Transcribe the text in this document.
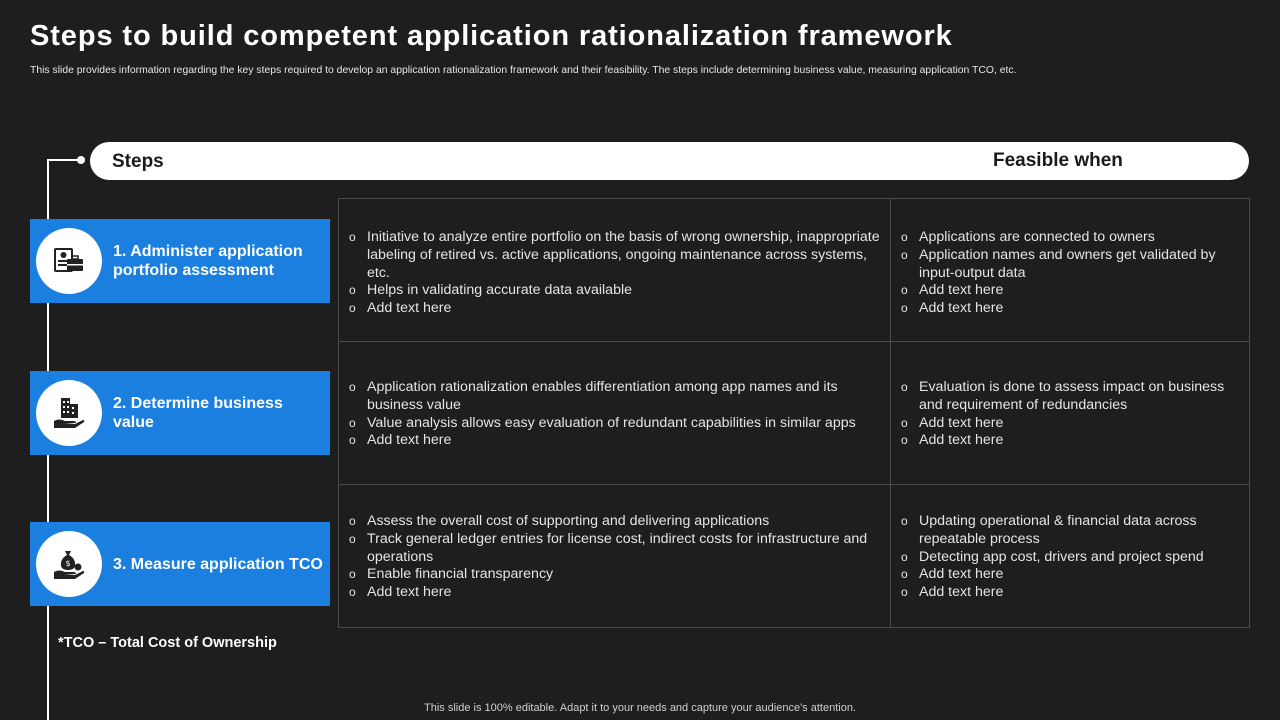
Steps to build competent application rationalization framework
This slide provides information regarding the key steps required to develop an application rationalization framework and their feasibility. The steps include determining business value, measuring application TCO, etc.
Steps	Feasible when
1. Administer application portfolio assessment
2. Determine business value
$	3. Measure application TCO
o Initiative to analyze entire portfolio on the basis of wrong ownership, inappropriate labeling of retired vs. active applications, ongoing maintenance across systems, etc.
o Helps in validating accurate data available
o Add text here
o Applications are connected to owners
o Application names and owners get validated by input-output data
o Add text here
o Add text here
o Application rationalization enables differentiation among app names and its business value
o Value analysis allows easy evaluation of redundant capabilities in similar apps
o Add text here
o Evaluation is done to assess impact on business and requirement of redundancies
o Add text here
o Add text here
o Assess the overall cost of supporting and delivering applications
o Track general ledger entries for license cost, indirect costs for infrastructure and operations
o Enable financial transparency
o Add text here
o Updating operational & financial data across repeatable process
o Detecting app cost, drivers and project spend
o Add text here
o Add text here
*TCO – Total Cost of Ownership
This slide is 100% editable. Adapt it to your needs and capture your audience's attention.
